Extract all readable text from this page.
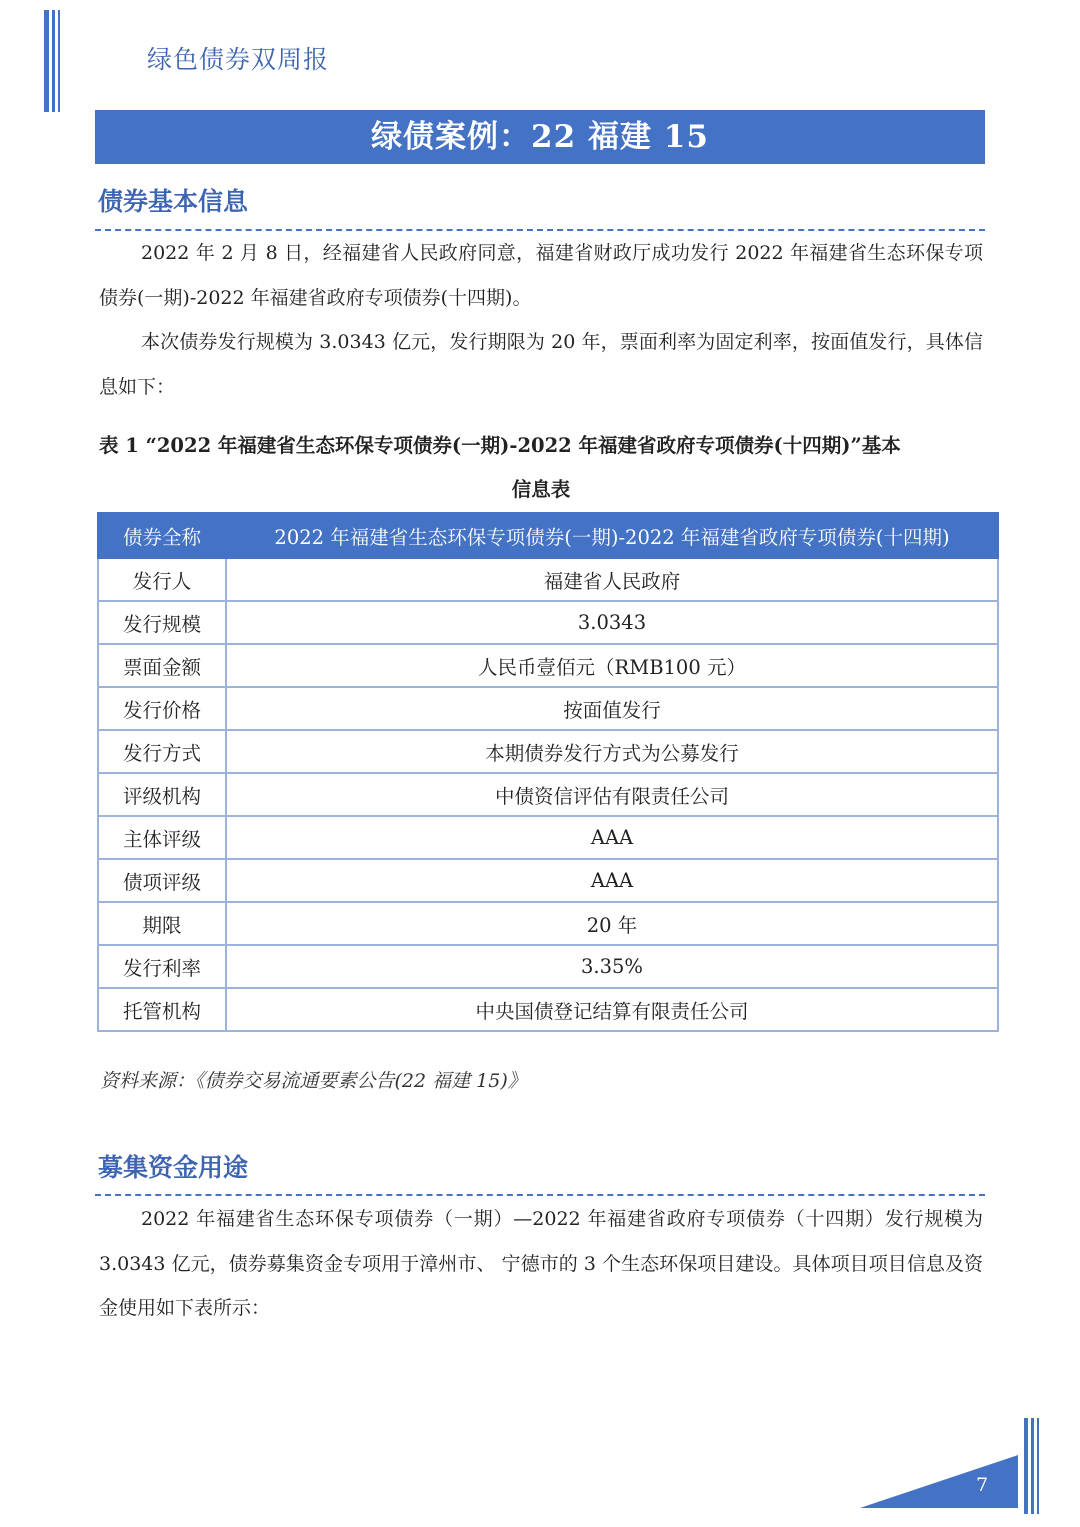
绿色债券双周报
绿债案例：22 福建 15
债券基本信息

2022 年 2 月 8 日，经福建省人民政府同意，福建省财政厅成功发行 2022 年福建省生态环保专项债券(一期)-2022 年福建省政府专项债券(十四期)。

本次债券发行规模为 3.0343 亿元，发行期限为 20 年，票面利率为固定利率，按面值发行，具体信息如下：

表 1 “2022 年福建省生态环保专项债券(一期)-2022 年福建省政府专项债券(十四期)”基本
信息表
债券全称	2022 年福建省生态环保专项债券(一期)-2022 年福建省政府专项债券(十四期)
发行人	福建省人民政府
发行规模	3.0343
票面金额	人民币壹佰元（RMB100 元）
发行价格	按面值发行
发行方式	本期债券发行方式为公募发行
评级机构	中债资信评估有限责任公司
主体评级	AAA
债项评级	AAA
期限	20 年
发行利率	3.35%
托管机构	中央国债登记结算有限责任公司
资料来源：《债券交易流通要素公告(22 福建 15)》
募集资金用途

2022 年福建省生态环保专项债券（一期）—2022 年福建省政府专项债券（十四期）发行规模为 3.0343 亿元，债券募集资金专项用于漳州市、 宁德市的 3 个生态环保项目建设。具体项目项目信息及资金使用如下表所示：

7
